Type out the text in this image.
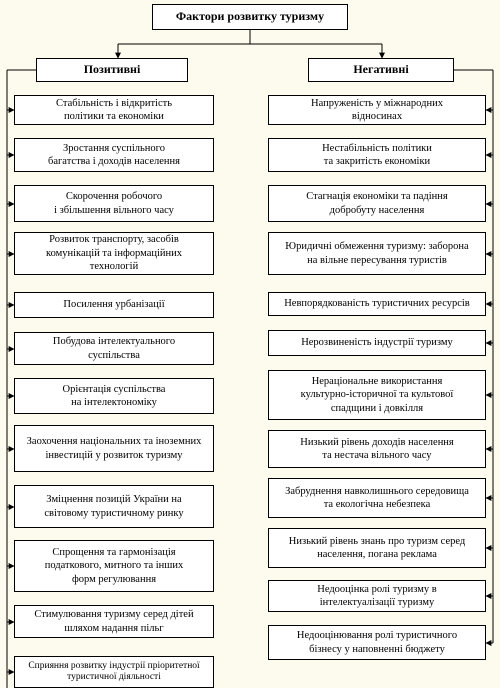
Фактори розвитку туризму
Позитивні	Негативні
Стабільність і відкритість
політики та економіки
Зростання суспільного
багатства і доходів населення
Скорочення робочого
і збільшення вільного часу
Розвиток транспорту, засобів
комунікацій та інформаційних
технологій
Посилення урбанізації
Побудова інтелектуального
суспільства
Орієнтація суспільства
на інтелектономіку
Заохочення національних та іноземних
інвестицій у розвиток туризму
Зміцнення позицій України на
світовому туристичному ринку
Спрощення та гармонізація
податкового, митного та інших
форм регулювання
Стимулювання туризму серед дітей
шляхом надання пільг
Сприяння розвитку індустрії пріоритетної
туристичної діяльності
Напруженість у міжнародних
відносинах
Нестабільність політики
та закритість економіки
Стагнація економіки та падіння
добробуту населення
Юридичні обмеження туризму: заборона
на вільне пересування туристів
Невпорядкованість туристичних ресурсів
Нерозвиненість індустрії туризму
Нераціональне використання
культурно-історичної та культової
спадщини і довкілля
Низький рівень доходів населення
та нестача вільного часу
Забруднення навколишнього середовища
та екологічна небезпека
Низький рівень знань про туризм серед
населення, погана реклама
Недооцінка ролі туризму в
інтелектуалізації туризму
Недооцінювання ролі туристичного
бізнесу у наповненні бюджету
